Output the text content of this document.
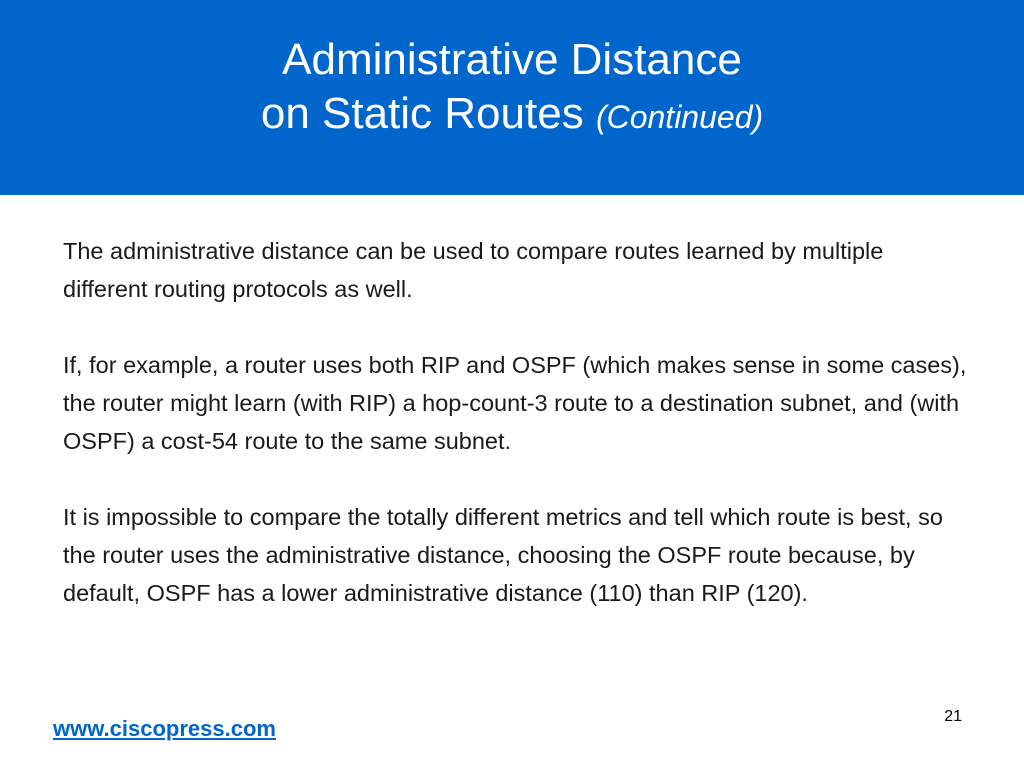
Administrative Distance
on Static Routes (Continued)

The administrative distance can be used to compare routes learned by multiple different routing protocols as well.

If, for example, a router uses both RIP and OSPF (which makes sense in some cases), the router might learn (with RIP) a hop-count-3 route to a destination subnet, and (with OSPF) a cost-54 route to the same subnet.

It is impossible to compare the totally different metrics and tell which route is best, so the router uses the administrative distance, choosing the OSPF route because, by default, OSPF has a lower administrative distance (110) than RIP (120).

www.ciscopress.com	21
